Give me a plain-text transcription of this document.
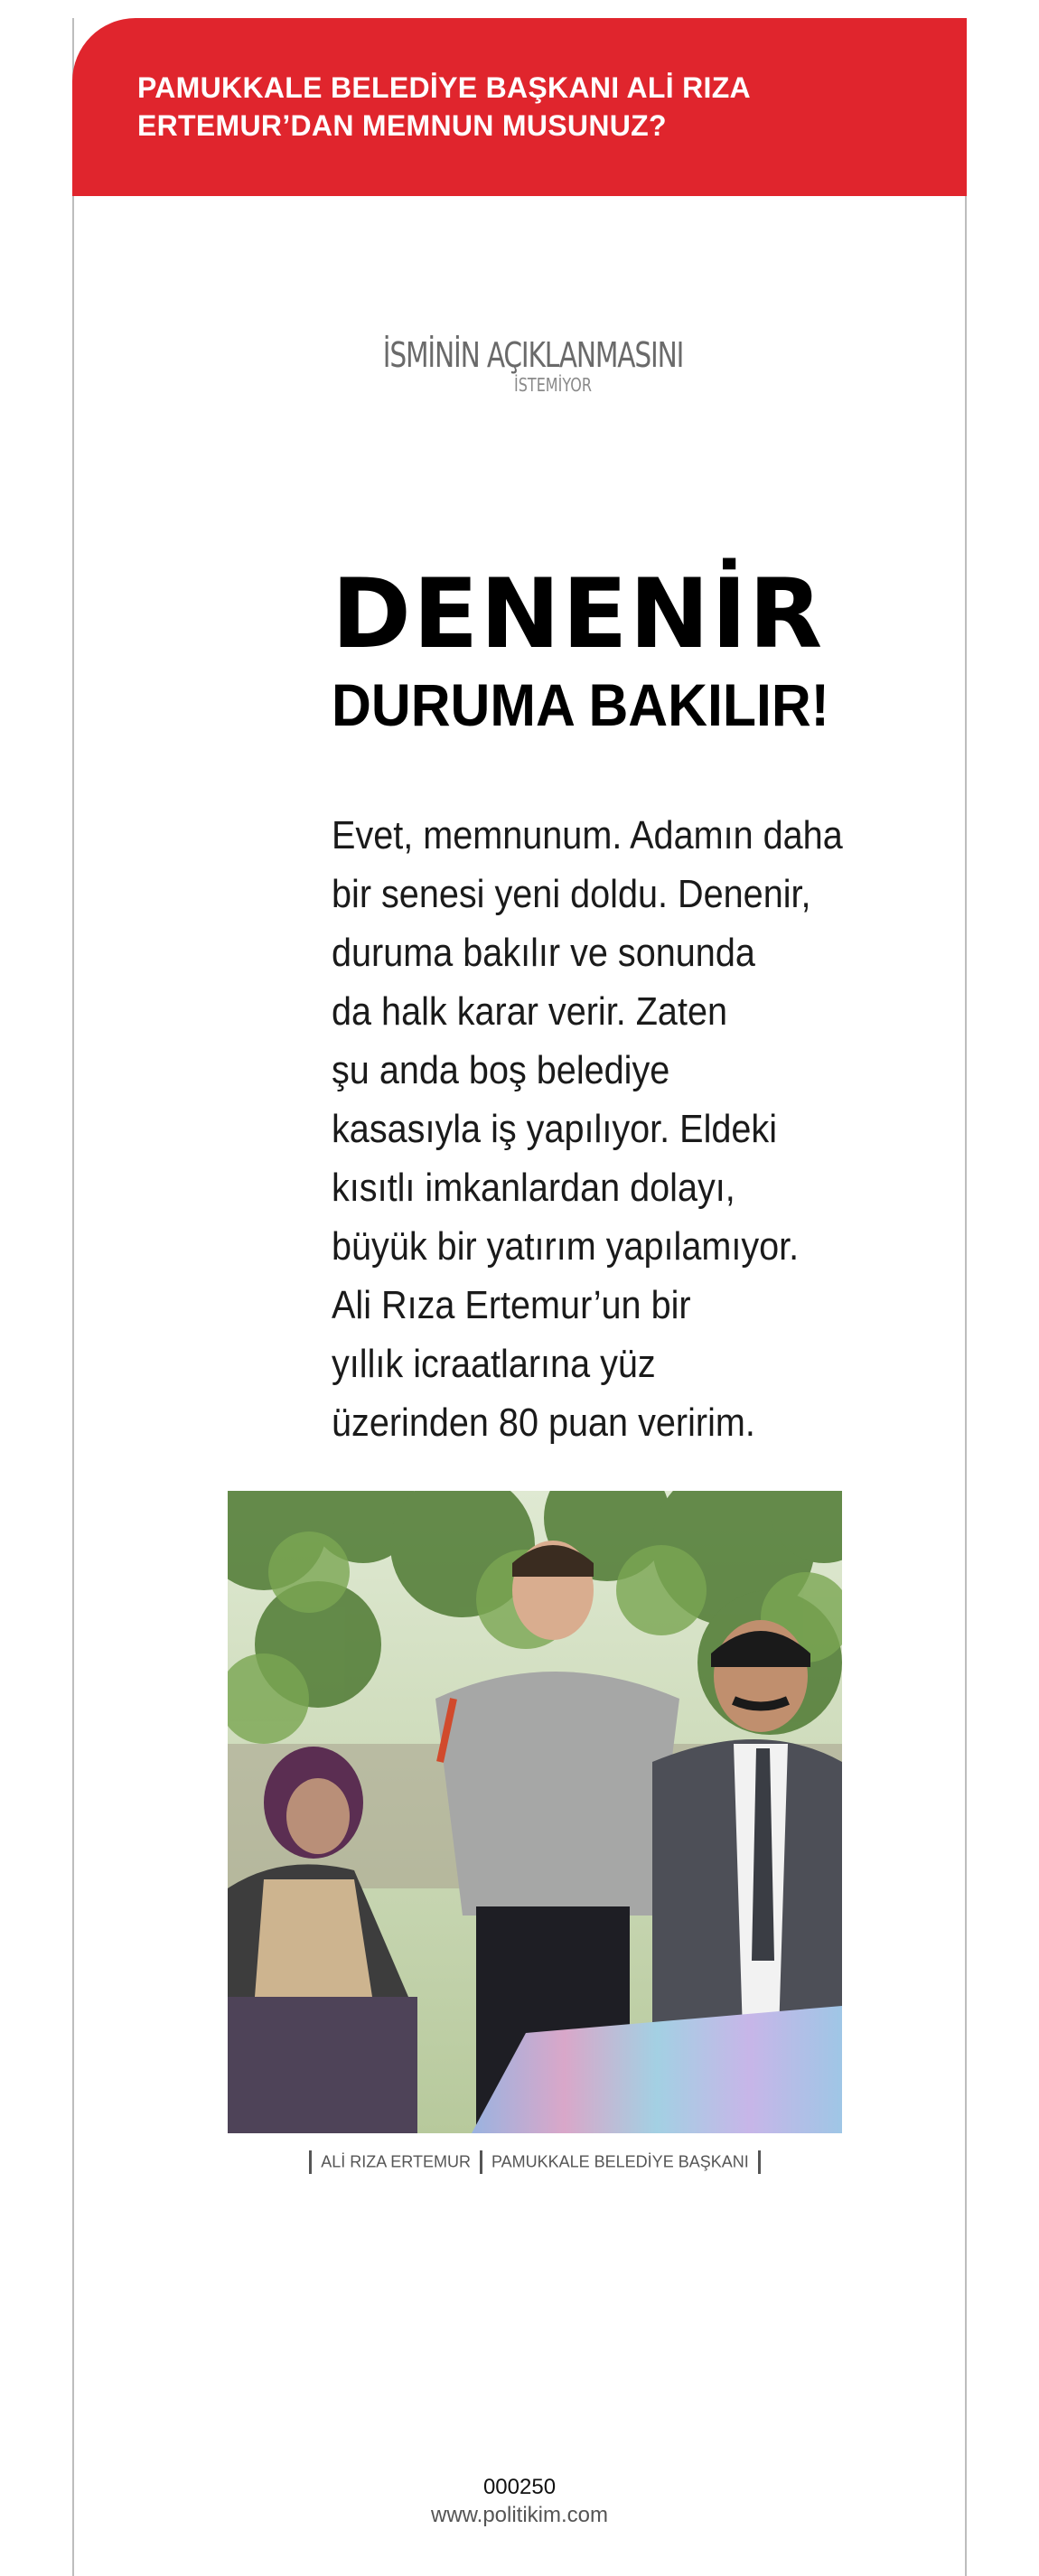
PAMUKKALE BELEDİYE BAŞKANI ALİ RIZA
ERTEMUR’DAN MEMNUN MUSUNUZ?
İSMİNİN AÇIKLANMASINI
İSTEMİYOR
DENENİR
DURUMA BAKILIR!
Evet, memnunum. Adamın daha
bir senesi yeni doldu. Denenir,
duruma bakılır ve sonunda
da halk karar verir. Zaten
şu anda boş belediye
kasasıyla iş yapılıyor. Eldeki
kısıtlı imkanlardan dolayı,
büyük bir yatırım yapılamıyor.
Ali Rıza Ertemur’un bir
yıllık icraatlarına yüz
üzerinden 80 puan veririm.
ALİ RIZA ERTEMUR PAMUKKALE BELEDİYE BAŞKANI
000250
www.politikim.com
